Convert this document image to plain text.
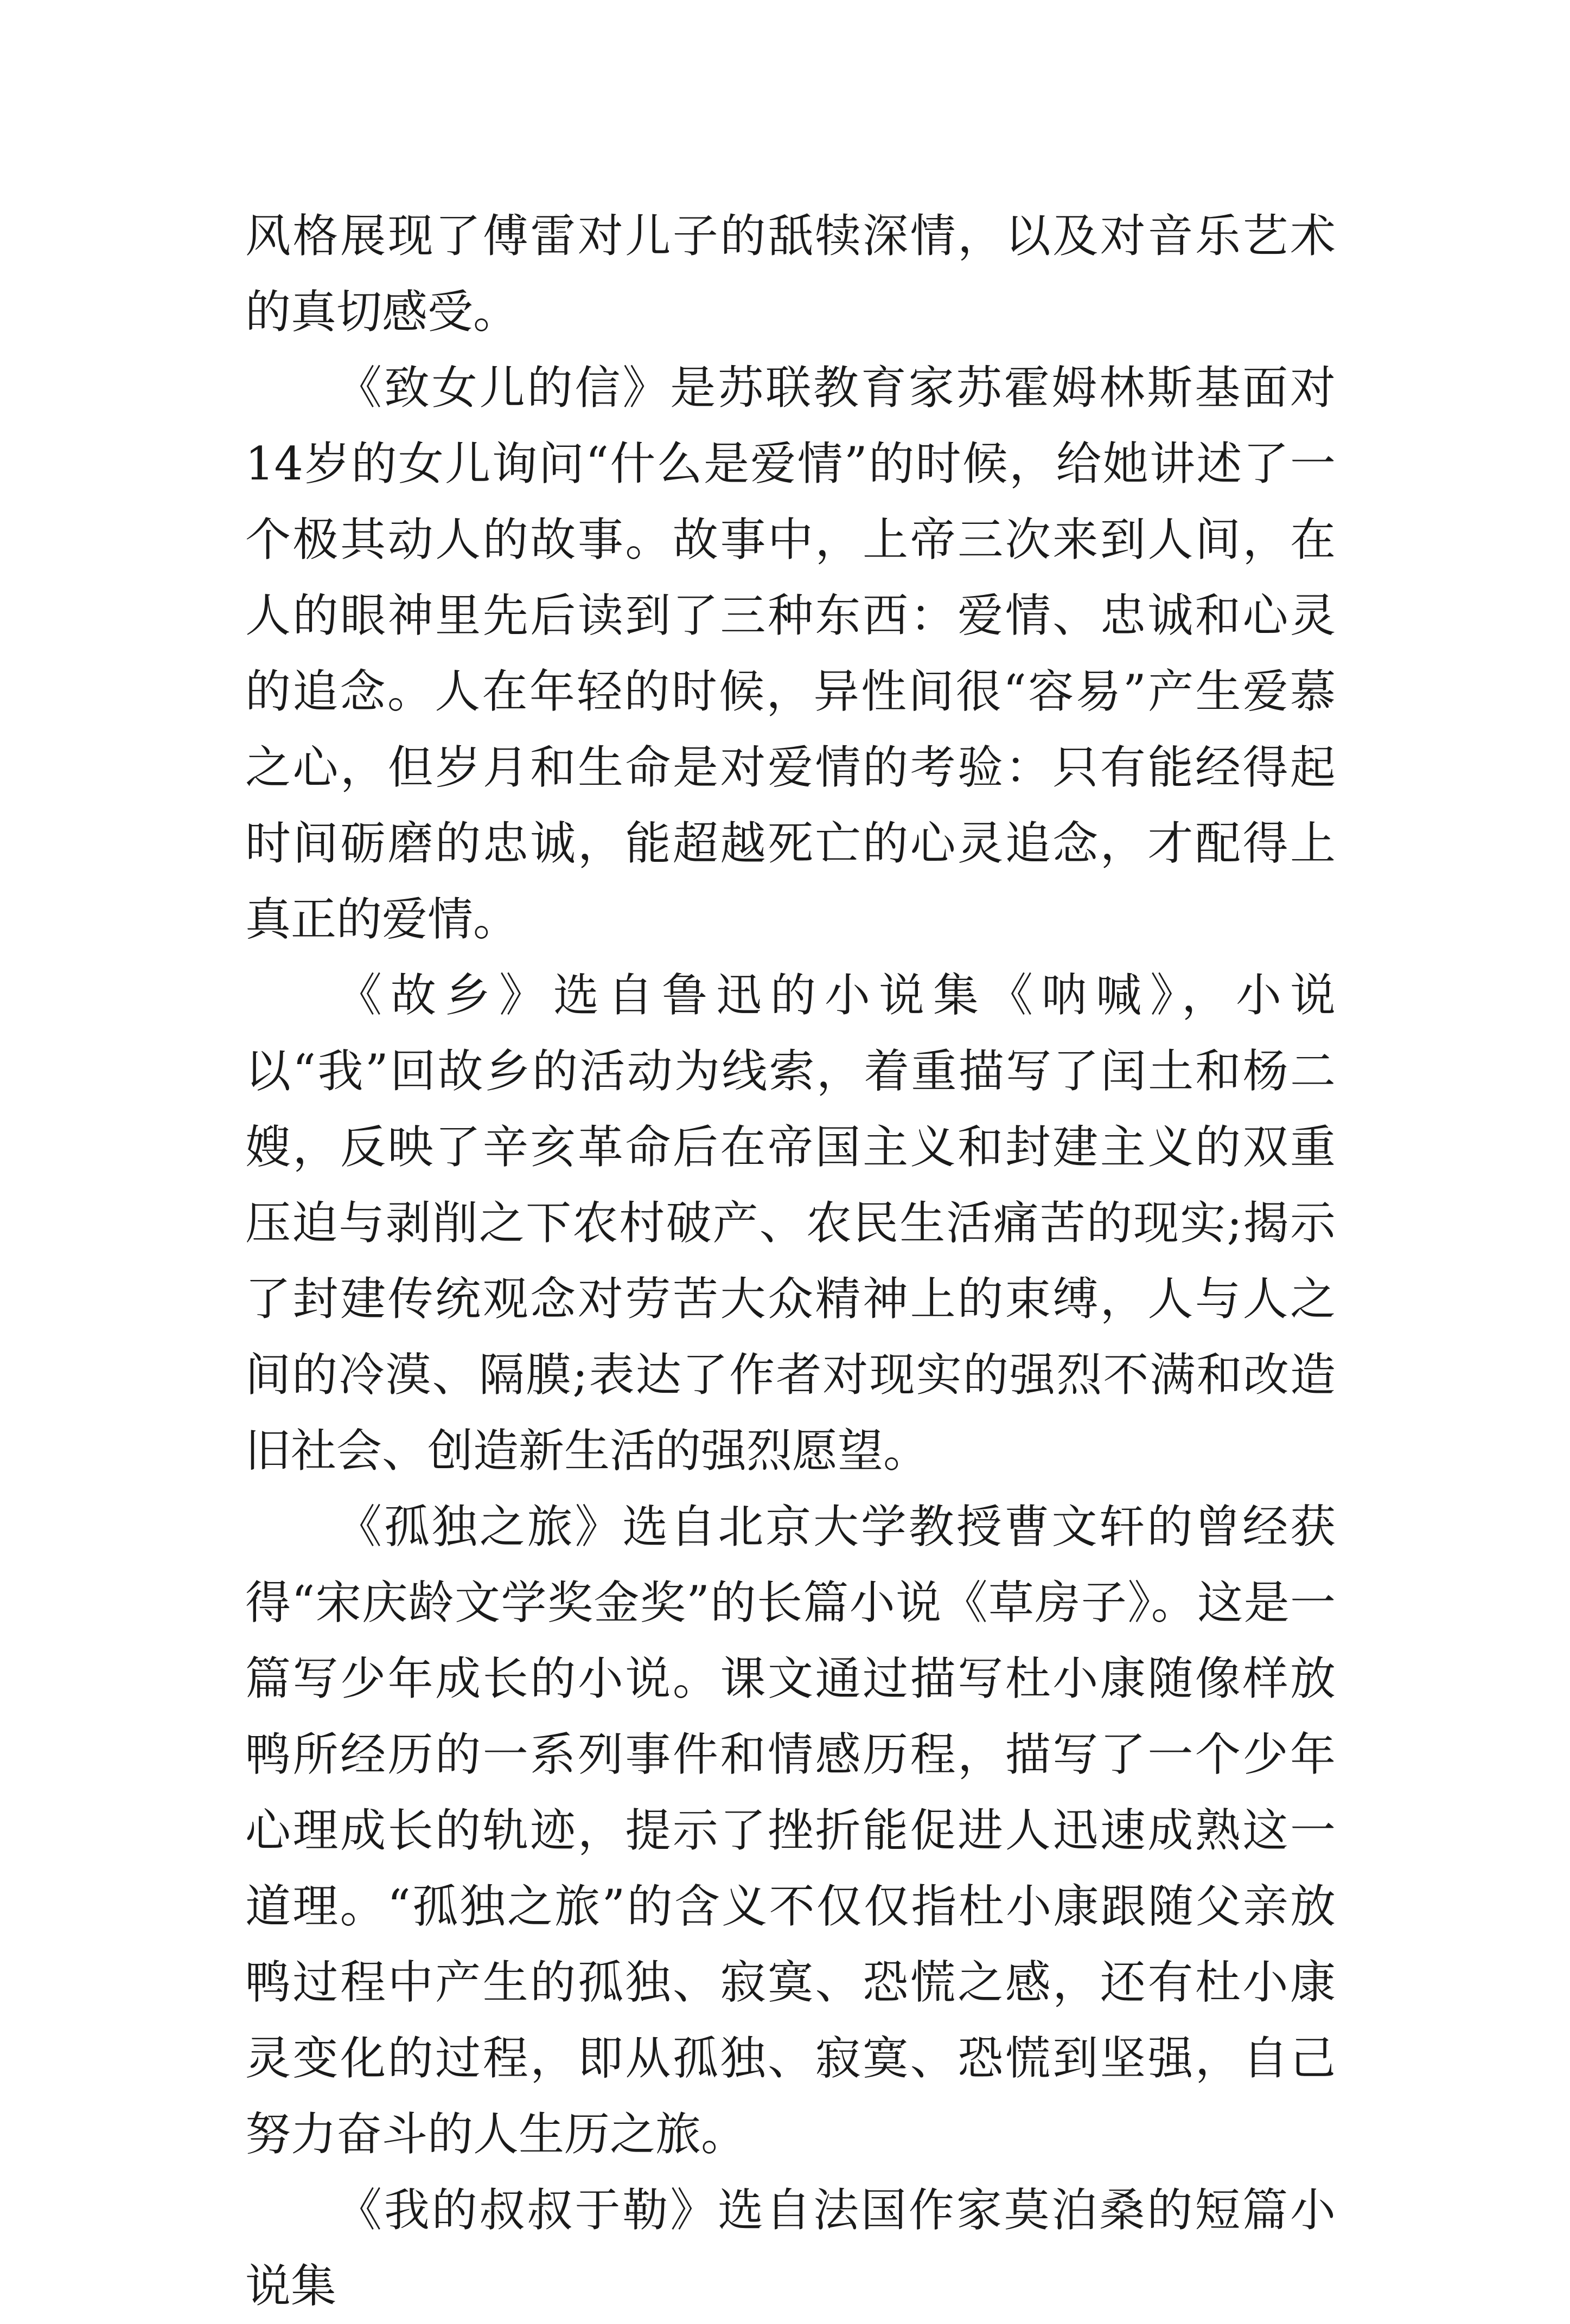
风格展现了傅雷对儿子的舐犊深情，以及对音乐艺术的真切感受。

《致女儿的信》是苏联教育家苏霍姆林斯基面对14岁的女儿询问“什么是爱情”的时候，给她讲述了一个极其动人的故事。故事中，上帝三次来到人间，在人的眼神里先后读到了三种东西：爱情、忠诚和心灵的追念。人在年轻的时候，异性间很“容易”产生爱慕之心，但岁月和生命是对爱情的考验：只有能经得起时间砺磨的忠诚，能超越死亡的心灵追念，才配得上真正的爱情。

《故乡》选自鲁迅的小说集《呐喊》，小说以“我”回故乡的活动为线索，着重描写了闰土和杨二嫂，反映了辛亥革命后在帝国主义和封建主义的双重压迫与剥削之下农村破产、农民生活痛苦的现实;揭示了封建传统观念对劳苦大众精神上的束缚，人与人之间的冷漠、隔膜;表达了作者对现实的强烈不满和改造旧社会、创造新生活的强烈愿望。

《孤独之旅》选自北京大学教授曹文轩的曾经获得“宋庆龄文学奖金奖”的长篇小说《草房子》。这是一篇写少年成长的小说。课文通过描写杜小康随像样放鸭所经历的一系列事件和情感历程，描写了一个少年心理成长的轨迹，提示了挫折能促进人迅速成熟这一道理。“孤独之旅”的含义不仅仅指杜小康跟随父亲放鸭过程中产生的孤独、寂寞、恐慌之感，还有杜小康灵变化的过程，即从孤独、寂寞、恐慌到坚强，自己努力奋斗的人生历之旅。

《我的叔叔于勒》选自法国作家莫泊桑的短篇小说集
